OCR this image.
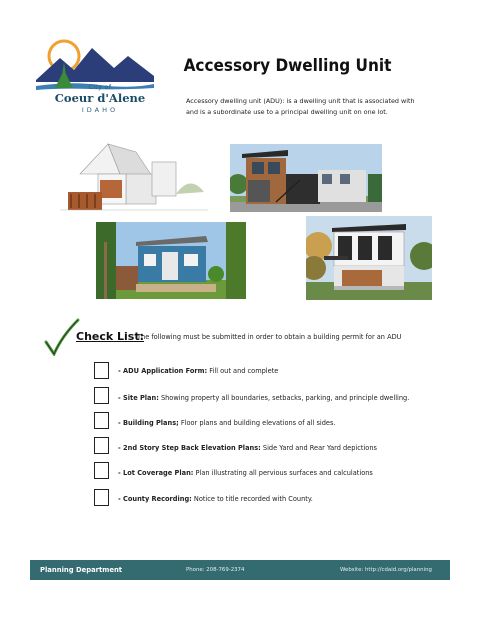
City of
Coeur d'Alene
IDAHO
Accessory Dwelling Unit
Accessory dwelling unit (ADU): is a dwelling unit that is associated with and is a subordinate use to a principal dwelling unit on one lot.
Check List:
The following must be submitted in order to obtain a building permit for an ADU
- ADU Application Form: Fill out and complete
- Site Plan: Showing property all boundaries, setbacks, parking, and principle dwelling.
- Building Plans; Floor plans and building elevations of all sides.
- 2nd Story Step Back Elevation Plans: Side Yard and Rear Yard depictions
- Lot Coverage Plan: Plan illustrating all pervious surfaces and calculations
- County Recording: Notice to title recorded with County.
Planning Department	Phone: 208-769-2374	Website: http://cdaid.org/planning
